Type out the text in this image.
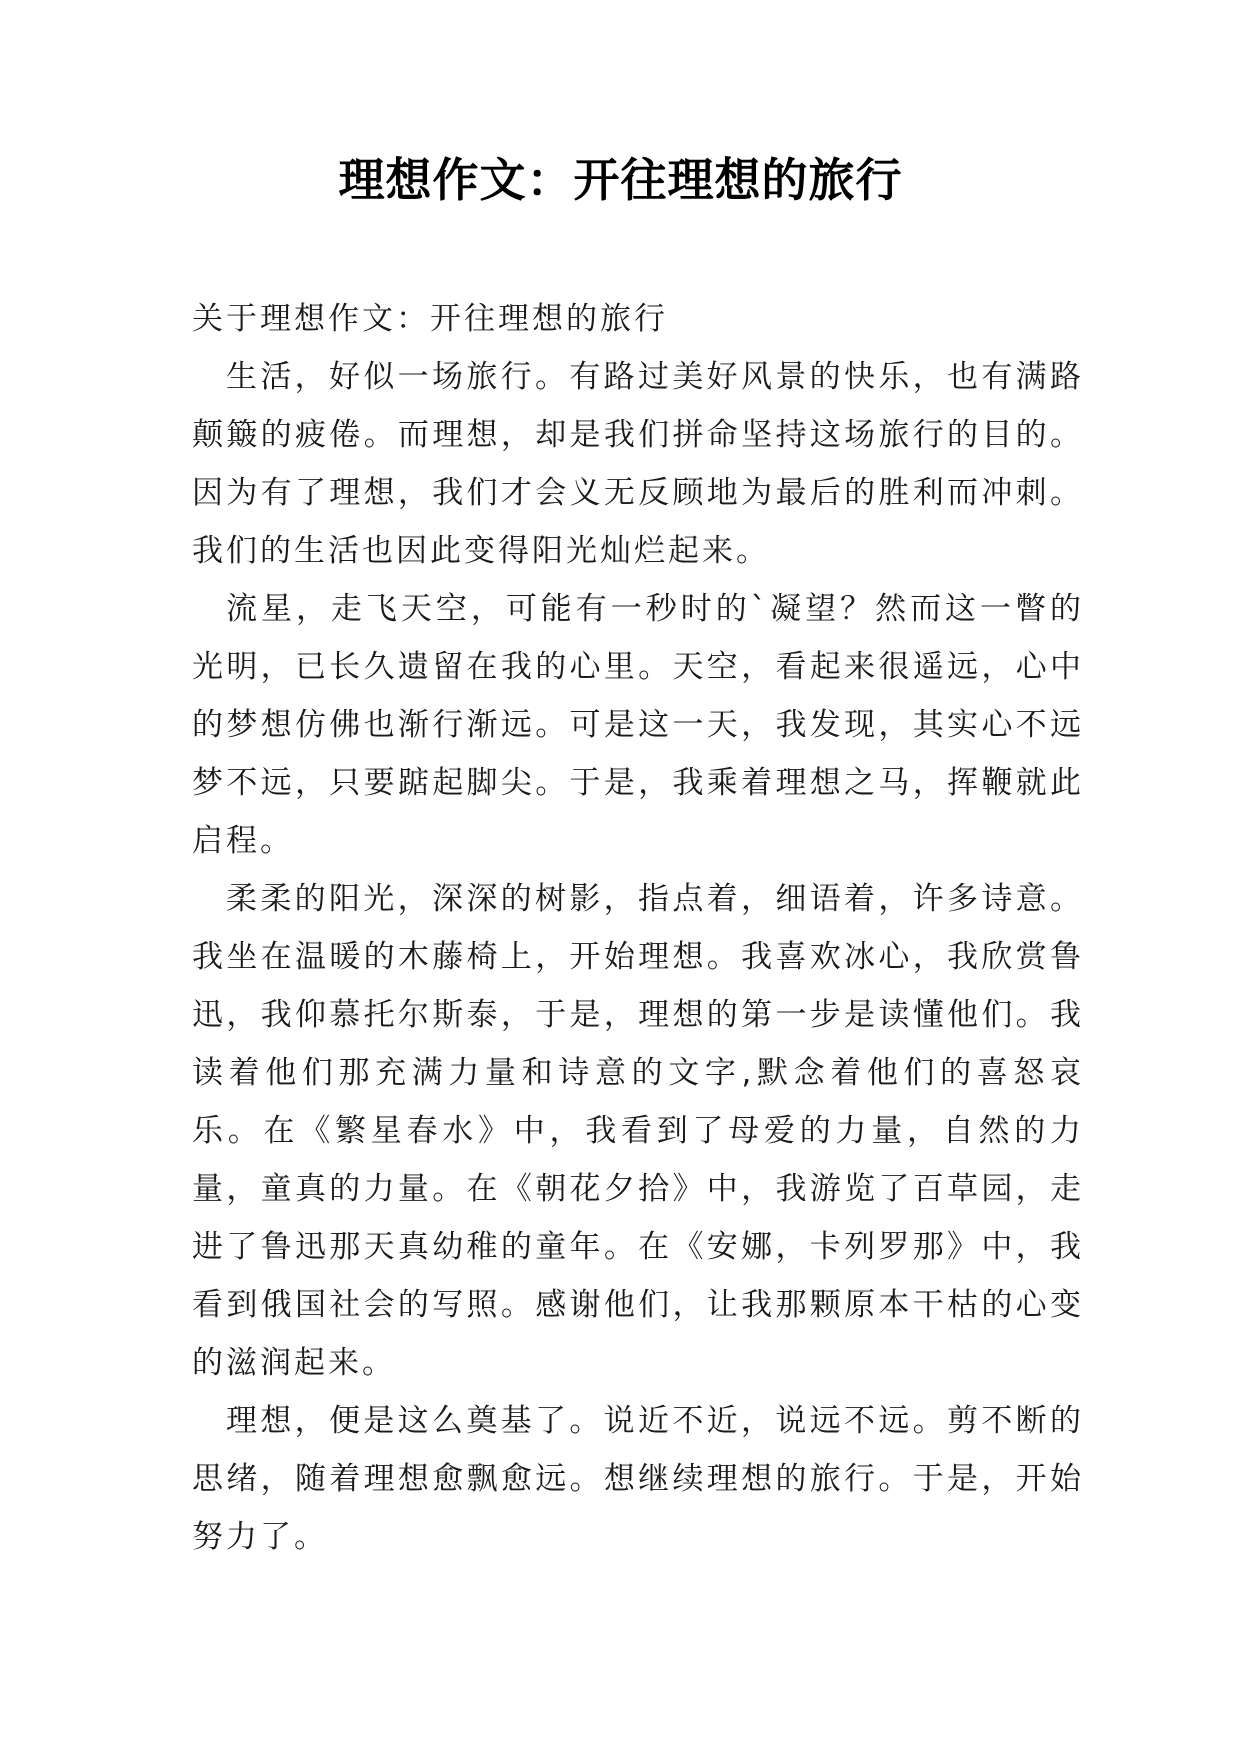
理想作文：开往理想的旅行

关于理想作文：开往理想的旅行

生活，好似一场旅行。有路过美好风景的快乐，也有满路颠簸的疲倦。而理想，却是我们拼命坚持这场旅行的目的。因为有了理想，我们才会义无反顾地为最后的胜利而冲刺。我们的生活也因此变得阳光灿烂起来。

流星，走飞天空，可能有一秒时的`凝望？然而这一瞥的光明，已长久遗留在我的心里。天空，看起来很遥远，心中的梦想仿佛也渐行渐远。可是这一天，我发现，其实心不远梦不远，只要踮起脚尖。于是，我乘着理想之马，挥鞭就此启程。

柔柔的阳光，深深的树影，指点着，细语着，许多诗意。我坐在温暖的木藤椅上，开始理想。我喜欢冰心，我欣赏鲁迅，我仰慕托尔斯泰，于是，理想的第一步是读懂他们。我读着他们那充满力量和诗意的文字,默念着他们的喜怒哀乐。在《繁星春水》中，我看到了母爱的力量，自然的力量，童真的力量。在《朝花夕拾》中，我游览了百草园，走进了鲁迅那天真幼稚的童年。在《安娜，卡列罗那》中，我看到俄国社会的写照。感谢他们，让我那颗原本干枯的心变的滋润起来。

理想，便是这么奠基了。说近不近，说远不远。剪不断的思绪，随着理想愈飘愈远。想继续理想的旅行。于是，开始努力了。
